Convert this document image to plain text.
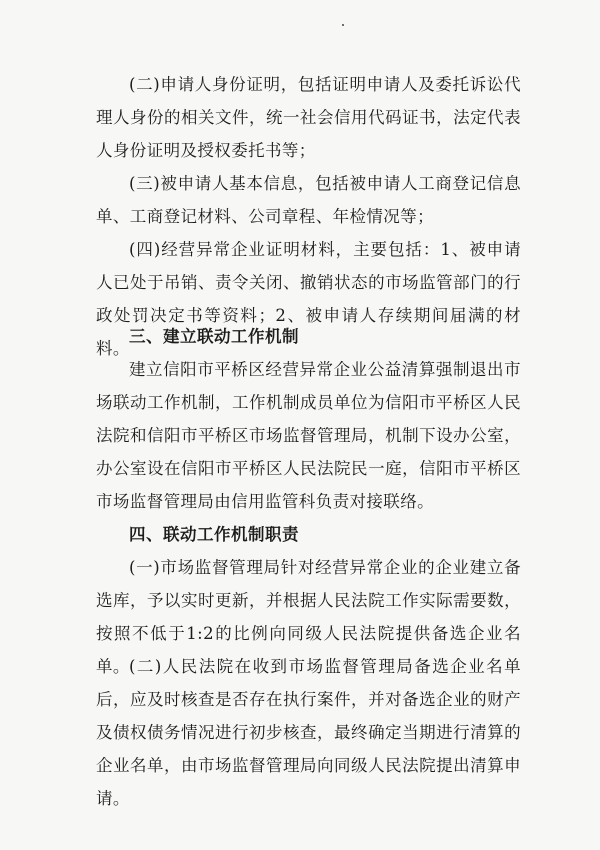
(二)申请人身份证明，包括证明申请人及委托诉讼代理人身份的相关文件，统一社会信用代码证书，法定代表人身份证明及授权委托书等；

(三)被申请人基本信息，包括被申请人工商登记信息单、工商登记材料、公司章程、年检情况等；

(四)经营异常企业证明材料，主要包括：1、被申请人已处于吊销、责令关闭、撤销状态的市场监管部门的行政处罚决定书等资料；2、被申请人存续期间届满的材料。

三、建立联动工作机制

建立信阳市平桥区经营异常企业公益清算强制退出市场联动工作机制，工作机制成员单位为信阳市平桥区人民法院和信阳市平桥区市场监督管理局，机制下设办公室，办公室设在信阳市平桥区人民法院民一庭，信阳市平桥区市场监督管理局由信用监管科负责对接联络。

四、联动工作机制职责

(一)市场监督管理局针对经营异常企业的企业建立备选库，予以实时更新，并根据人民法院工作实际需要数，按照不低于1:2的比例向同级人民法院提供备选企业名单。 (二)人民法院在收到市场监督管理局备选企业名单后，应及时核查是否存在执行案件，并对备选企业的财产及债权债务情况进行初步核查，最终确定当期进行清算的企业名单，由市场监督管理局向同级人民法院提出清算申请。
